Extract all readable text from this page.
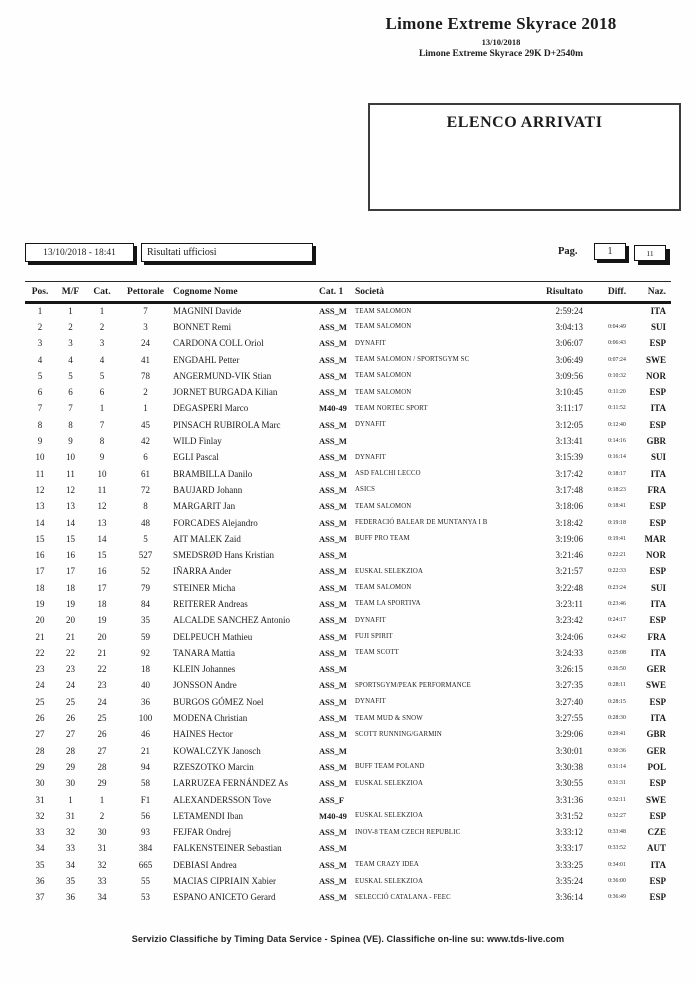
Limone Extreme Skyrace 2018
13/10/2018
Limone Extreme Skyrace 29K D+2540m
ELENCO ARRIVATI
13/10/2018 - 18:41	Risultati ufficiosi	Pag.	1	11
Pos.	M/F	Cat.	Pettorale	Cognome Nome	Cat. 1	Società	Risultato	Diff.	Naz.
1	1	1	7	MAGNINI Davide	ASS_M	TEAM SALOMON	2:59:24		ITA
2	2	2	3	BONNET Remi	ASS_M	TEAM SALOMON	3:04:13	0:04:49	SUI
3	3	3	24	CARDONA COLL Oriol	ASS_M	DYNAFIT	3:06:07	0:06:43	ESP
4	4	4	41	ENGDAHL Petter	ASS_M	TEAM SALOMON / SPORTSGYM SC	3:06:49	0:07:24	SWE
5	5	5	78	ANGERMUND-VIK Stian	ASS_M	TEAM SALOMON	3:09:56	0:10:32	NOR
6	6	6	2	JORNET BURGADA Kilian	ASS_M	TEAM SALOMON	3:10:45	0:11:20	ESP
7	7	1	1	DEGASPERI Marco	M40-49	TEAM NORTEC SPORT	3:11:17	0:11:52	ITA
8	8	7	45	PINSACH RUBIROLA Marc	ASS_M	DYNAFIT	3:12:05	0:12:40	ESP
9	9	8	42	WILD Finlay	ASS_M		3:13:41	0:14:16	GBR
10	10	9	6	EGLI Pascal	ASS_M	DYNAFIT	3:15:39	0:16:14	SUI
11	11	10	61	BRAMBILLA Danilo	ASS_M	ASD FALCHI LECCO	3:17:42	0:18:17	ITA
12	12	11	72	BAUJARD Johann	ASS_M	ASICS	3:17:48	0:18:23	FRA
13	13	12	8	MARGARIT Jan	ASS_M	TEAM SALOMON	3:18:06	0:18:41	ESP
14	14	13	48	FORCADES Alejandro	ASS_M	FEDERACIÓ BALEAR DE MUNTANYA I B	3:18:42	0:19:18	ESP
15	15	14	5	AIT MALEK Zaid	ASS_M	BUFF PRO TEAM	3:19:06	0:19:41	MAR
16	16	15	527	SMEDSRØD Hans Kristian	ASS_M		3:21:46	0:22:21	NOR
17	17	16	52	IÑARRA Ander	ASS_M	EUSKAL SELEKZIOA	3:21:57	0:22:33	ESP
18	18	17	79	STEINER Micha	ASS_M	TEAM SALOMON	3:22:48	0:23:24	SUI
19	19	18	84	REITERER Andreas	ASS_M	TEAM LA SPORTIVA	3:23:11	0:23:46	ITA
20	20	19	35	ALCALDE SANCHEZ Antonio	ASS_M	DYNAFIT	3:23:42	0:24:17	ESP
21	21	20	59	DELPEUCH Mathieu	ASS_M	FUJI SPIRIT	3:24:06	0:24:42	FRA
22	22	21	92	TANARA Mattia	ASS_M	TEAM SCOTT	3:24:33	0:25:08	ITA
23	23	22	18	KLEIN Johannes	ASS_M		3:26:15	0:26:50	GER
24	24	23	40	JONSSON Andre	ASS_M	SPORTSGYM/PEAK PERFORMANCE	3:27:35	0:28:11	SWE
25	25	24	36	BURGOS GÓMEZ Noel	ASS_M	DYNAFIT	3:27:40	0:28:15	ESP
26	26	25	100	MODENA Christian	ASS_M	TEAM MUD & SNOW	3:27:55	0:28:30	ITA
27	27	26	46	HAINES Hector	ASS_M	SCOTT RUNNING/GARMIN	3:29:06	0:29:41	GBR
28	28	27	21	KOWALCZYK Janosch	ASS_M		3:30:01	0:30:36	GER
29	29	28	94	RZESZOTKO Marcin	ASS_M	BUFF TEAM POLAND	3:30:38	0:31:14	POL
30	30	29	58	LARRUZEA FERNÁNDEZ As	ASS_M	EUSKAL SELEKZIOA	3:30:55	0:31:31	ESP
31	1	1	F1	ALEXANDERSSON Tove	ASS_F		3:31:36	0:32:11	SWE
32	31	2	56	LETAMENDI Iban	M40-49	EUSKAL SELEKZIOA	3:31:52	0:32:27	ESP
33	32	30	93	FEJFAR Ondrej	ASS_M	INOV-8 TEAM CZECH REPUBLIC	3:33:12	0:33:48	CZE
34	33	31	384	FALKENSTEINER Sebastian	ASS_M		3:33:17	0:33:52	AUT
35	34	32	665	DEBIASI Andrea	ASS_M	TEAM CRAZY IDEA	3:33:25	0:34:01	ITA
36	35	33	55	MACIAS CIPRIAIN Xabier	ASS_M	EUSKAL SELEKZIOA	3:35:24	0:36:00	ESP
37	36	34	53	ESPANO ANICETO Gerard	ASS_M	SELECCIÓ CATALANA - FEEC	3:36:14	0:36:49	ESP
Servizio Classifiche by Timing Data Service - Spinea (VE). Classifiche on-line su: www.tds-live.com
